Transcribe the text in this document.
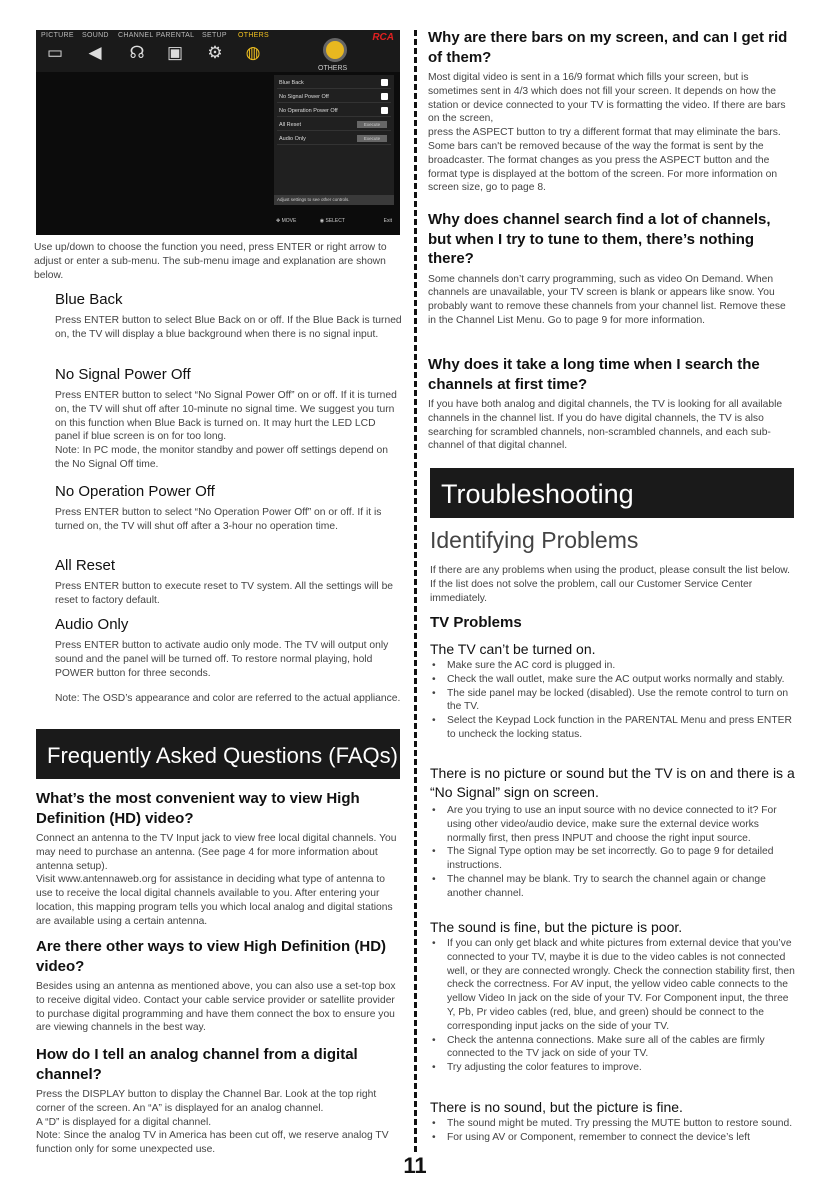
PICTURE SOUND CHANNEL PARENTAL SETUP OTHERS
▭ ◀ ☊ ▣ ⚙ ◍
RCA
OTHERS
Blue Back
No Signal Power Off
No Operation Power Off
All Reset	Execute
Audio Only	Execute
Adjust settings to see other controls.
✥ MOVE	◉ SELECT	Exit

Use up/down to choose the function you need, press ENTER or right arrow to adjust or enter a sub-menu. The sub-menu image and explanation are shown below.

Blue Back

Press ENTER button to select Blue Back on or off. If the Blue Back is turned on, the TV will display a blue background when there is no signal input.

No Signal Power Off

Press ENTER button to select “No Signal Power Off” on or off. If it is turned on, the TV will shut off after 10-minute no signal time. We suggest you turn on this function when Blue Back is turned on. It may hurt the LED LCD panel if blue screen is on for too long.

Note: In PC mode, the monitor standby and power off settings depend on the No Signal Off time.

No Operation Power Off

Press ENTER button to select “No Operation Power Off” on or off. If it is turned on, the TV will shut off after a 3-hour no operation time.

All Reset

Press ENTER button to execute reset to TV system. All the settings will be reset to factory default.

Audio Only

Press ENTER button to activate audio only mode. The TV will output only sound and the panel will be turned off. To restore normal playing, hold POWER button for three seconds.

Note: The OSD’s appearance and color are referred to the actual appliance.

Frequently Asked Questions (FAQs)
What’s the most convenient way to view High Definition (HD) video?

Connect an antenna to the TV Input jack to view free local digital channels. You may need to purchase an antenna. (See page 4 for more information about antenna setup).

Visit www.antennaweb.org for assistance in deciding what type of antenna to use to receive the local digital channels available to you. After entering your location, this mapping program tells you which local analog and digital stations are available using a certain antenna.

Are there other ways to view High Definition (HD) video?

Besides using an antenna as mentioned above, you can also use a set-top box to receive digital video. Contact your cable service provider or satellite provider to purchase digital programming and have them connect the box to ensure you are viewing channels in the best way.

How do I tell an analog channel from a digital channel?

Press the DISPLAY button to display the Channel Bar. Look at the top right corner of the screen. An “A” is displayed for an analog channel.

A “D” is displayed for a digital channel.

Note: Since the analog TV in America has been cut off, we reserve analog TV function only for some unexpected use.

Why are there bars on my screen, and can I get rid of them?

Most digital video is sent in a 16/9 format which fills your screen, but is sometimes sent in 4/3 which does not fill your screen. It depends on how the station or device connected to your TV is formatting the video. If there are bars on the screen,

press the ASPECT button to try a different format that may eliminate the bars. Some bars can't be removed because of the way the format is sent by the broadcaster. The format changes as you press the ASPECT button and the format type is displayed at the bottom of the screen. For more information on screen size, go to page 8.

Why does channel search find a lot of channels, but when I try to tune to them, there’s nothing there?

Some channels don’t carry programming, such as video On Demand. When channels are unavailable, your TV screen is blank or appears like snow. You probably want to remove these channels from your channel list. Remove these in the Channel List Menu. Go to page 9 for more information.

Why does it take a long time when I search the channels at first time?

If you have both analog and digital channels, the TV is looking for all available channels in the channel list. If you do have digital channels, the TV is also searching for scrambled channels, non-scrambled channels, and each sub-channel of that digital channel.

Troubleshooting
Identifying Problems

If there are any problems when using the product, please consult the list below. If the list does not solve the problem, call our Customer Service Center immediately.

TV Problems
The TV can’t be turned on.
• Make sure the AC cord is plugged in.
• Check the wall outlet, make sure the AC output works normally and stably.
• The side panel may be locked (disabled). Use the remote control to turn on the TV.
• Select the Keypad Lock function in the PARENTAL Menu and press ENTER to uncheck the locking status.
There is no picture or sound but the TV is on and there is a “No Signal” sign on screen.
• Are you trying to use an input source with no device connected to it? For using other video/audio device, make sure the external device works normally first, then press INPUT and choose the right input source.
• The Signal Type option may be set incorrectly. Go to page 9 for detailed instructions.
• The channel may be blank. Try to search the channel again or change another channel.
The sound is fine, but the picture is poor.
• If you can only get black and white pictures from external device that you’ve connected to your TV, maybe it is due to the video cables is not connected well, or they are connected wrongly. Check the connection stability first, then check the correctness. For AV input, the yellow video cable connects to the yellow Video In jack on the side of your TV. For Component input, the three Y, Pb, Pr video cables (red, blue, and green) should be connect to the corresponding input jacks on the side of your TV.
• Check the antenna connections. Make sure all of the cables are firmly connected to the TV jack on side of your TV.
• Try adjusting the color features to improve.
There is no sound, but the picture is fine.
• The sound might be muted. Try pressing the MUTE button to restore sound.
• For using AV or Component, remember to connect the device’s left
11
